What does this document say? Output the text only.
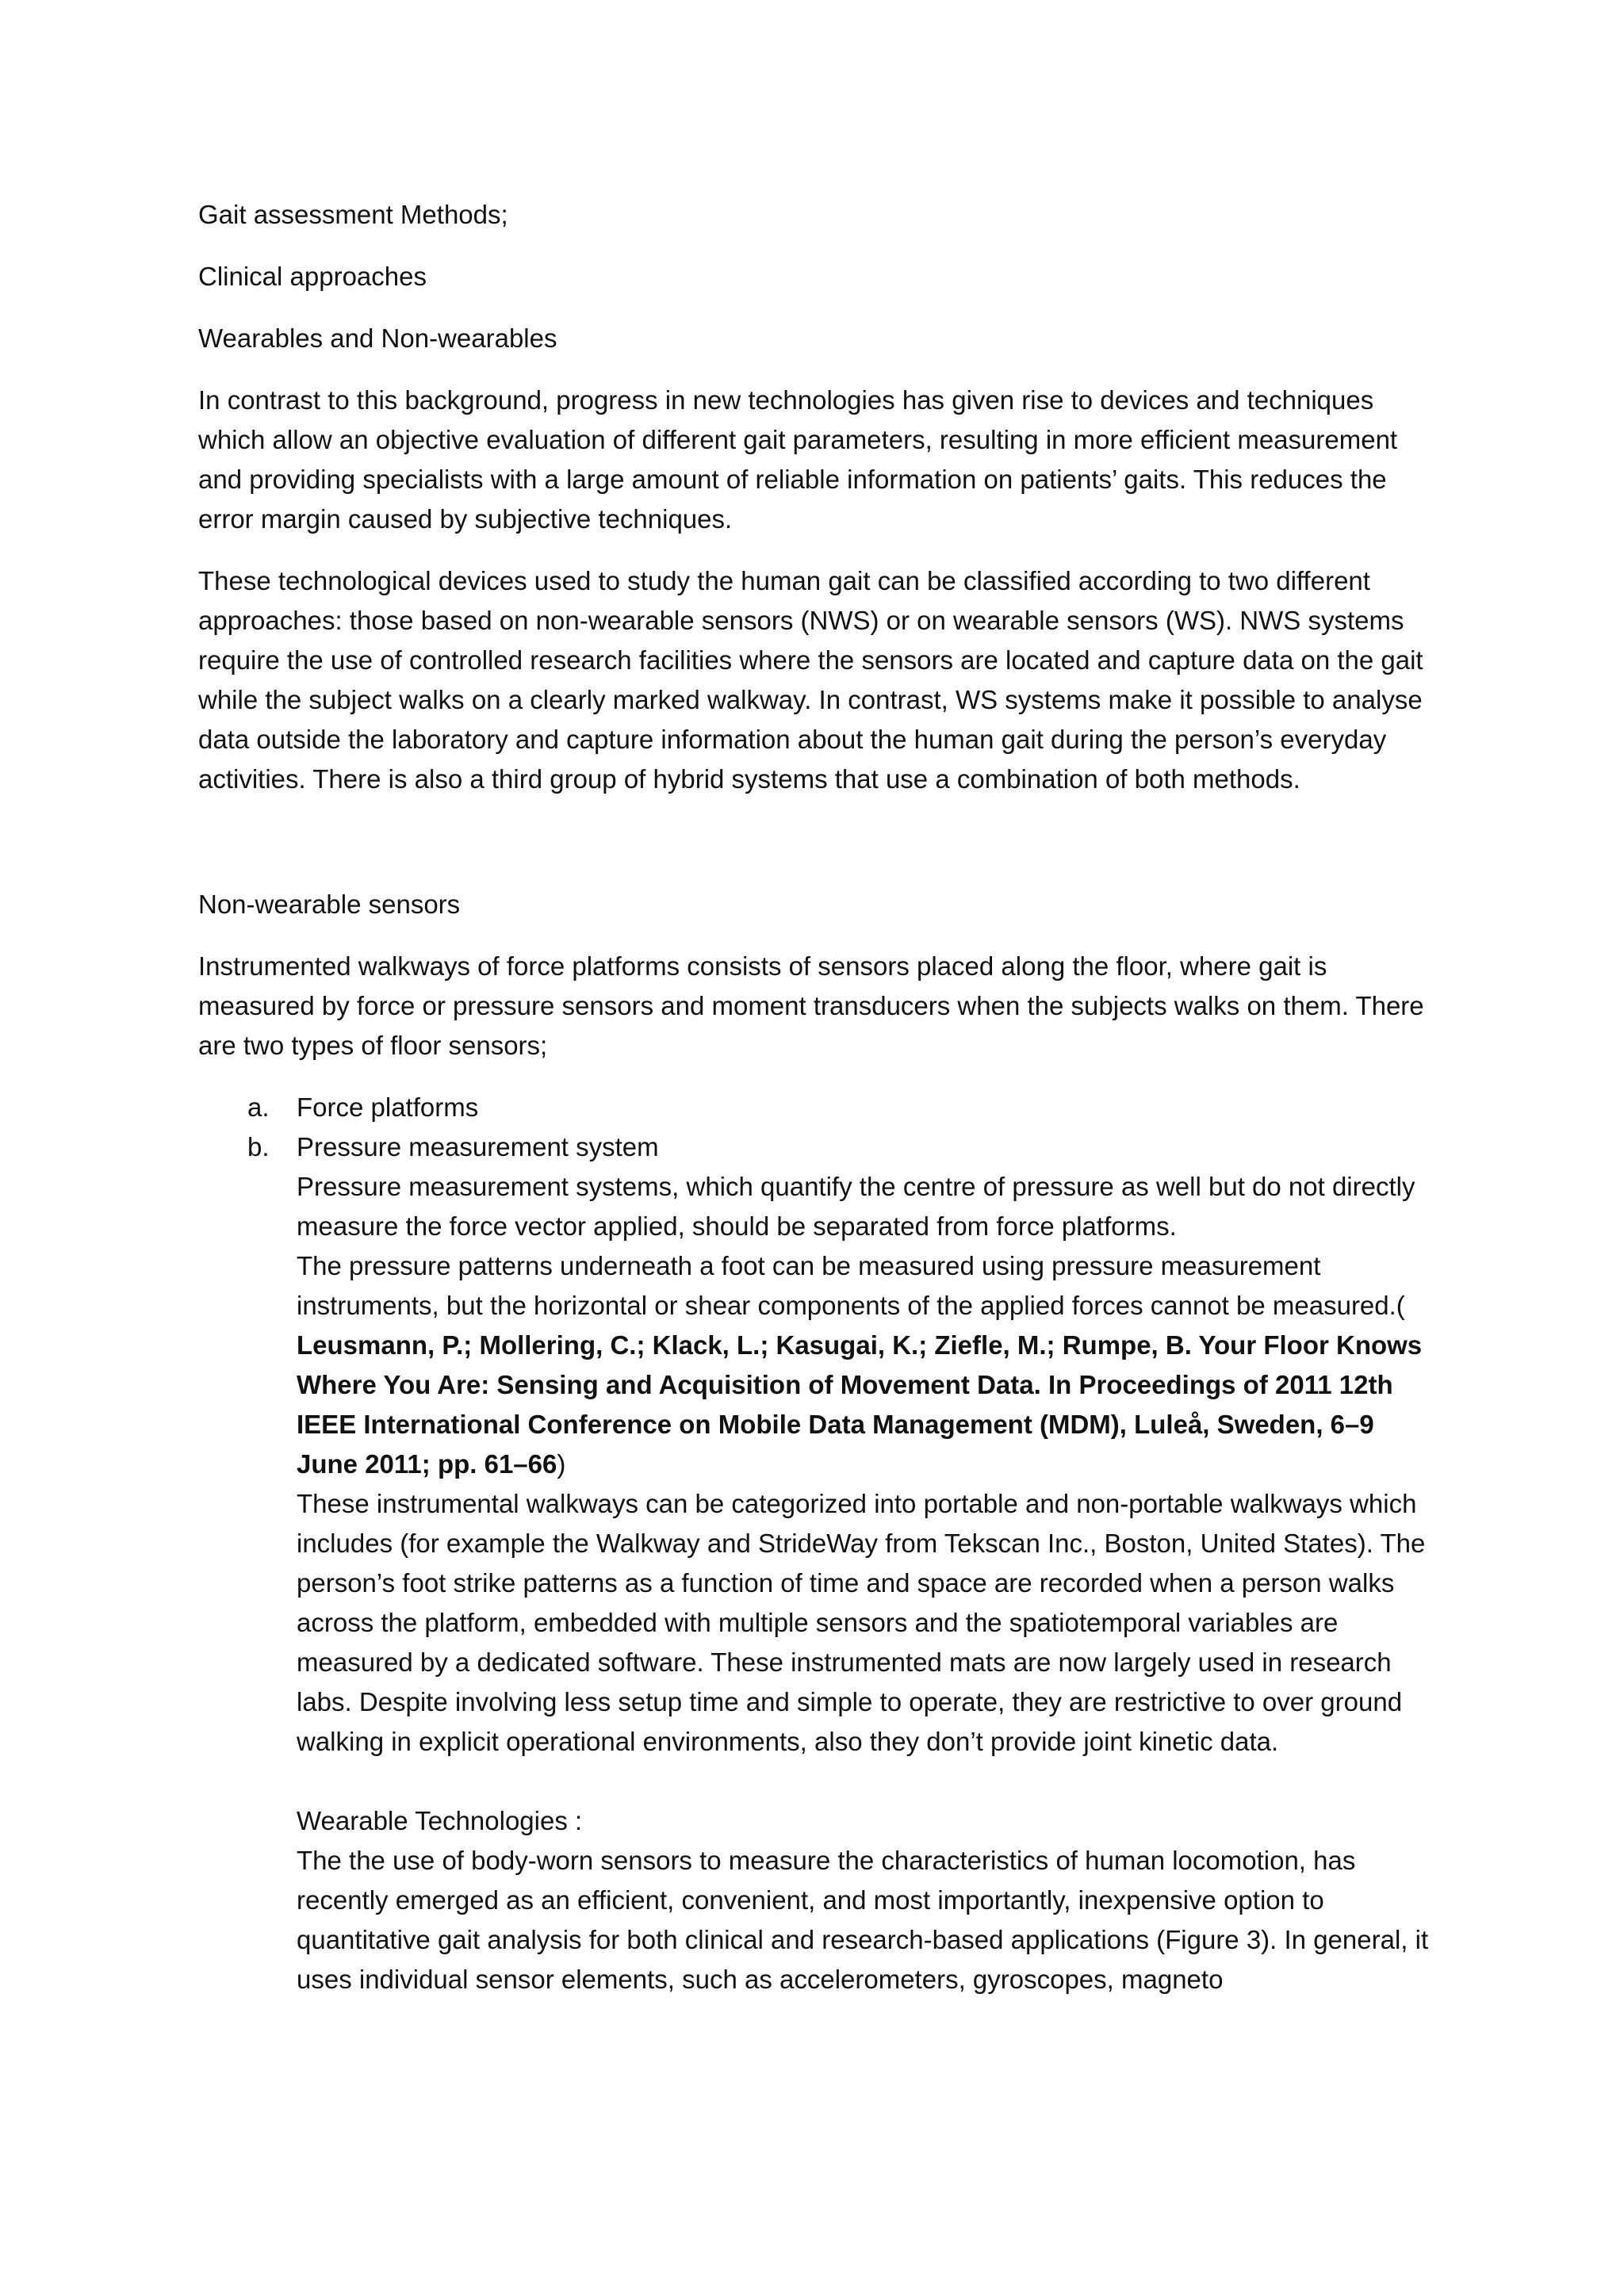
Gait assessment Methods;
Clinical approaches
Wearables and Non-wearables

In contrast to this background, progress in new technologies has given rise to devices and techniques which allow an objective evaluation of different gait parameters, resulting in more efficient measurement and providing specialists with a large amount of reliable information on patients’ gaits. This reduces the error margin caused by subjective techniques.

These technological devices used to study the human gait can be classified according to two different approaches: those based on non-wearable sensors (NWS) or on wearable sensors (WS). NWS systems require the use of controlled research facilities where the sensors are located and capture data on the gait while the subject walks on a clearly marked walkway. In contrast, WS systems make it possible to analyse data outside the laboratory and capture information about the human gait during the person’s everyday activities. There is also a third group of hybrid systems that use a combination of both methods.

Non-wearable sensors

Instrumented walkways of force platforms consists of sensors placed along the floor, where gait is measured by force or pressure sensors and moment transducers when the subjects walks on them. There are two types of floor sensors;

a. Force platforms
b. Pressure measurement system
Pressure measurement systems, which quantify the centre of pressure as well but do not directly measure the force vector applied, should be separated from force platforms.
The pressure patterns underneath a foot can be measured using pressure measurement instruments, but the horizontal or shear components of the applied forces cannot be measured.( Leusmann, P.; Mollering, C.; Klack, L.; Kasugai, K.; Ziefle, M.; Rumpe, B. Your Floor Knows Where You Are: Sensing and Acquisition of Movement Data. In Proceedings of 2011 12th IEEE International Conference on Mobile Data Management (MDM), Luleå, Sweden, 6–9 June 2011; pp. 61–66)
These instrumental walkways can be categorized into portable and non-portable walkways which includes (for example the Walkway and StrideWay from Tekscan Inc., Boston, United States). The person’s foot strike patterns as a function of time and space are recorded when a person walks across the platform, embedded with multiple sensors and the spatiotemporal variables are measured by a dedicated software. These instrumented mats are now largely used in research labs. Despite involving less setup time and simple to operate, they are restrictive to over ground walking in explicit operational environments, also they don’t provide joint kinetic data.
Wearable Technologies :
The the use of body-worn sensors to measure the characteristics of human locomotion, has recently emerged as an efficient, convenient, and most importantly, inexpensive option to quantitative gait analysis for both clinical and research-based applications (Figure 3). In general, it uses individual sensor elements, such as accelerometers, gyroscopes, magneto
